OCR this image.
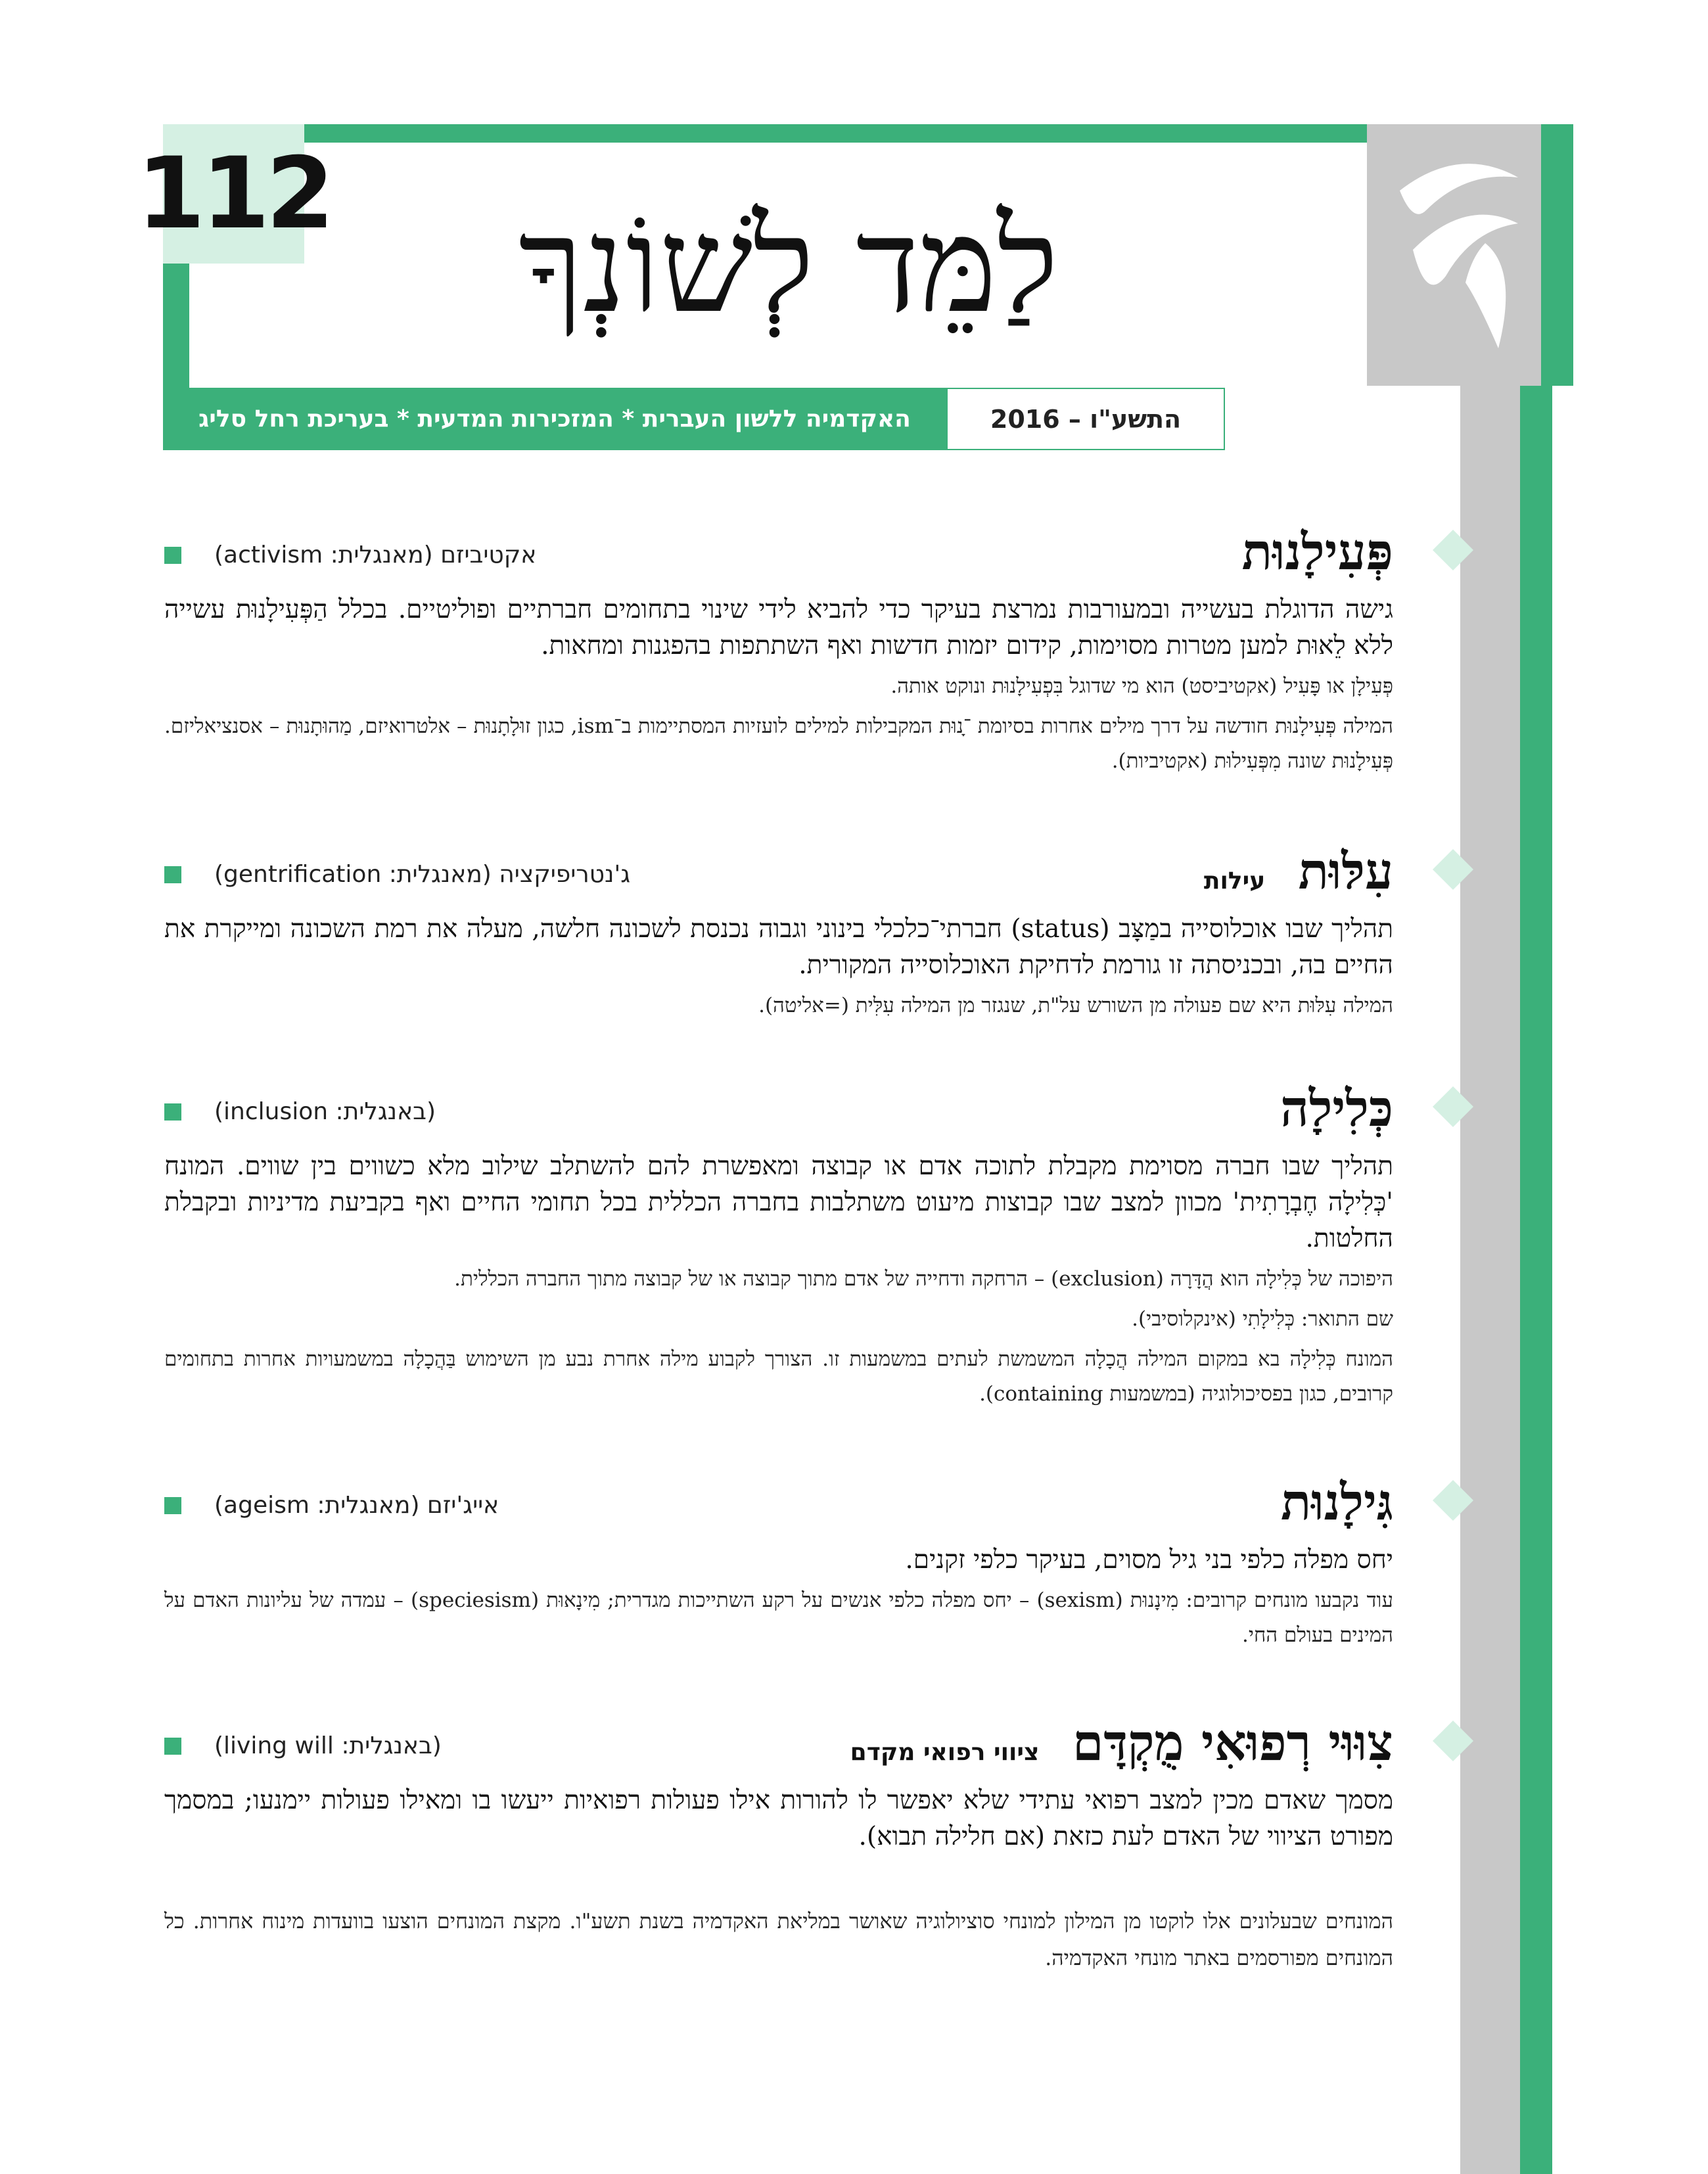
112	לַמֵּד לְשׁוֹנְךָ
האקדמיה ללשון העברית * המזכירות המדעית * בעריכת רחל סליג	התשע"ו – 2016
פְּעִילָנוּת
אקטיביזם (מאנגלית: activism)

גישה הדוגלת בעשייה ובמעורבות נמרצת בעיקר כדי להביא לידי שינוי בתחומים חברתיים ופוליטיים. בכלל הַפְּעִילָנוּת עשייה ללא לֵאוּת למען מטרות מסוימות, קידום יזמות חדשות ואף השתתפות בהפגנות ומחאות.

פְּעִילָן או פָּעִיל (אקטיביסט) הוא מי שדוגל בִּפְעִילָנוּת ונוקט אותה.

המילה פְּעִילָנוּת חודשה על דרך מילים אחרות בסיומת ־ָנוּת המקבילות למילים לועזיות המסתיימות ב־ism, כגון זוּלָתָנוּת – אלטרואיזם, מַהוּתָנוּת – אסנציאליזם. פְּעִילָנוּת שונה מִפְּעִילוּת (אקטיביות).

עִלּוּת עילות
ג'נטריפיקציה (מאנגלית: gentrification)

תהליך שבו אוכלוסייה במַצָּב (status) חברתי־כלכלי בינוני וגבוה נכנסת לשכונה חלשה, מעלה את רמת השכונה ומייקרת את החיים בה, ובכניסתה זו גורמת לדחיקת האוכלוסייה המקורית.

המילה עִלּוּת היא שם פעולה מן השורש על"ת, שנגזר מן המילה עִלִּית (=אליטה).

כְּלִילָה
(באנגלית: inclusion)

תהליך שבו חברה מסוימת מקבלת לתוכה אדם או קבוצה ומאפשרת להם להשתלב שילוב מלא כשווים בין שווים. המונח 'כְּלִילָה חֶבְרָתִית' מכוון למצב שבו קבוצות מיעוט משתלבות בחברה הכללית בכל תחומי החיים ואף בקביעת מדיניות ובקבלת החלטות.

היפוכה של כְּלִילָה הוא הֲדָּרָה (exclusion) – הרחקה ודחייה של אדם מתוך קבוצה או של קבוצה מתוך החברה הכללית.

שם התואר: כְּלִילָתִי (אינקלוסיבי).

המונח כְּלִילָה בא במקום המילה הֲכָלָה המשמשת לעתים במשמעות זו. הצורך לקבוע מילה אחרת נבע מן השימוש בַּהֲכָלָה במשמעויות אחרות בתחומים קרובים, כגון בפסיכולוגיה (במשמעות containing).

גִּילָנוּת
אייג'יזם (מאנגלית: ageism)

יחס מפלה כלפי בני גיל מסוים, בעיקר כלפי זקנים.

עוד נקבעו מונחים קרובים: מִינָנוּת (sexism) – יחס מפלה כלפי אנשים על רקע השתייכות מגדרית; מִינָאוּת (speciesism) – עמדה של עליונות האדם על המינים בעולם החי.

צִוּוּי רְפוּאִי מֻקְדָּם ציווי רפואי מקדם
(באנגלית: living will)

מסמך שאדם מכין למצב רפואי עתידי שלא יאפשר לו להורות אילו פעולות רפואיות ייעשו בו ומאילו פעולות יימנעו; במסמך מפורט הציווי של האדם לעת כזאת (אם חלילה תבוא).

המונחים שבעלונים אלו לוקטו מן המילון למונחי סוציולוגיה שאושר במליאת האקדמיה בשנת תשע"ו. מקצת המונחים הוצעו בוועדות מינוח אחרות. כל המונחים מפורסמים באתר מונחי האקדמיה.
